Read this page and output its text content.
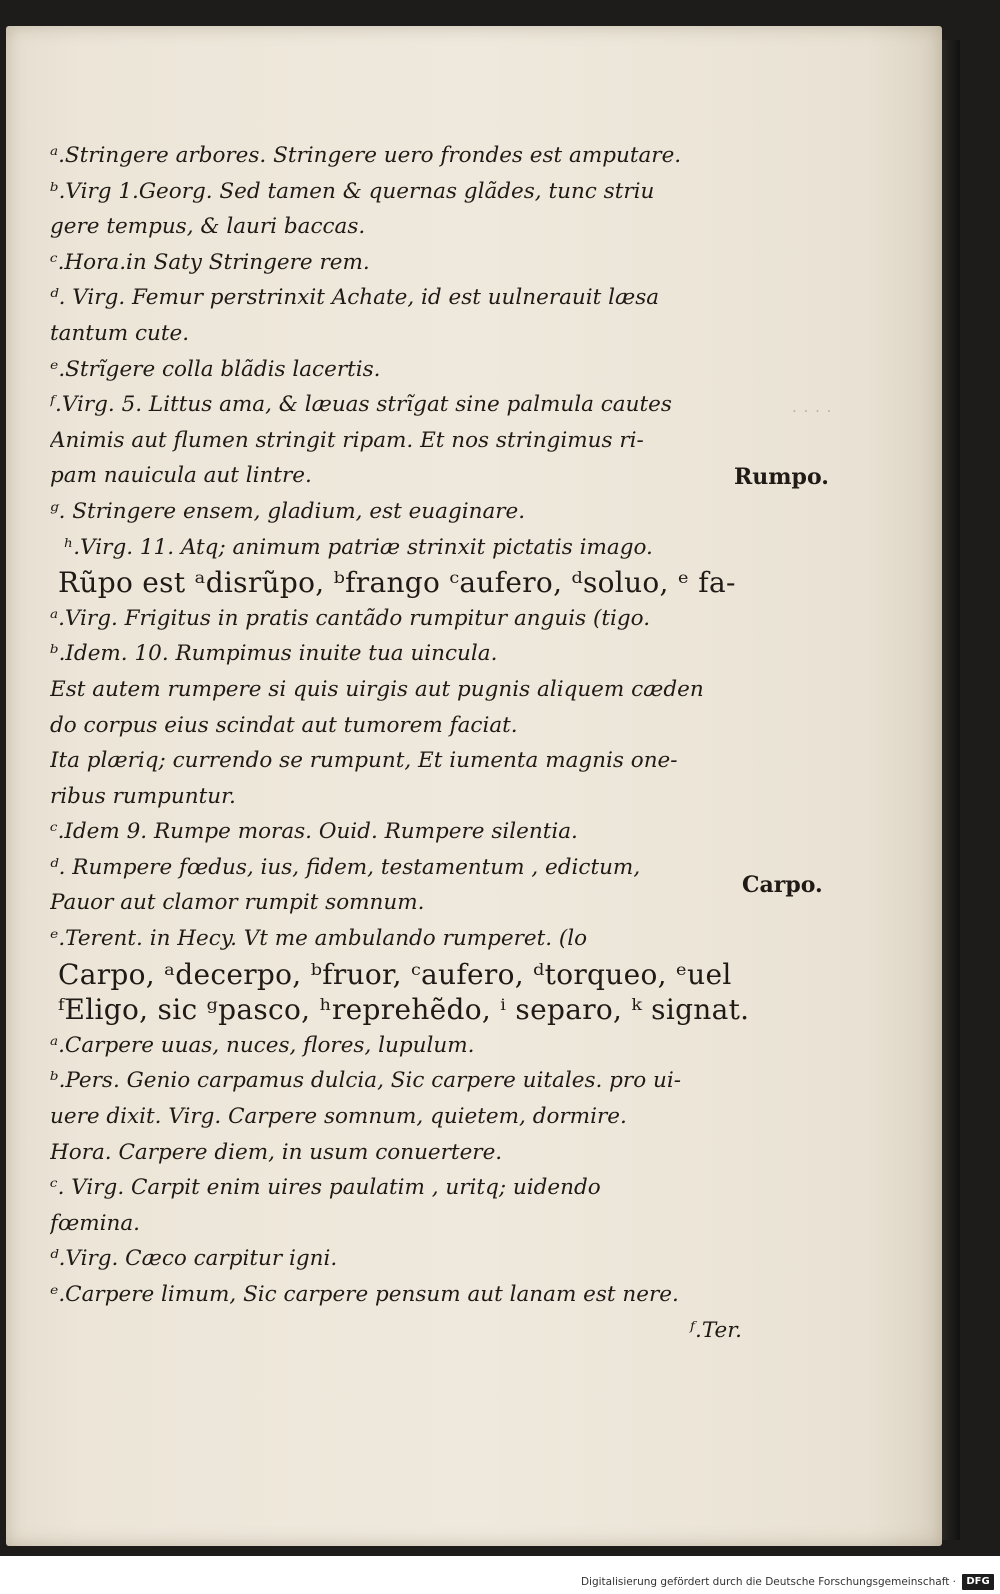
· · · ·
ᵃ.Stringere arbores. Stringere uero frondes est amputare.
ᵇ.Virg 1.Georg. Sed tamen & quernas glãdes, tunc striu
gere tempus, & lauri baccas.
ᶜ.Hora.in Saty Stringere rem.
ᵈ. Virg. Femur perstrinxit Achate, id est uulnerauit læsa
tantum cute.
ᵉ.Strĩgere colla blãdis lacertis.
ᶠ.Virg. 5. Littus ama, & læuas strĩgat sine palmula cautes
Animis aut flumen stringit ripam. Et nos stringimus ri-
pam nauicula aut lintre.
ᵍ. Stringere ensem, gladium, est euaginare.
ʰ.Virg. 11. Atq; animum patriæ strinxit pictatis imago.
Rũpo est ᵃdisrũpo, ᵇfrango ᶜaufero, ᵈsoluo, ᵉ fa-
ᵃ.Virg. Frigitus in pratis cantãdo rumpitur anguis (tigo.
ᵇ.Idem. 10. Rumpimus inuite tua uincula.
Est autem rumpere si quis uirgis aut pugnis aliquem cæden
do corpus eius scindat aut tumorem faciat.
Ita plæriq; currendo se rumpunt, Et iumenta magnis one-
ribus rumpuntur.
ᶜ.Idem 9. Rumpe moras. Ouid. Rumpere silentia.
ᵈ. Rumpere fœdus, ius, fidem, testamentum , edictum,
Pauor aut clamor rumpit somnum.
ᵉ.Terent. in Hecy. Vt me ambulando rumperet. (lo
Carpo, ᵃdecerpo, ᵇfruor, ᶜaufero, ᵈtorqueo, ᵉuel
ᶠEligo, sic ᵍpasco, ʰreprehẽdo, ⁱ separo, ᵏ signat.
ᵃ.Carpere uuas, nuces, flores, lupulum.
ᵇ.Pers. Genio carpamus dulcia, Sic carpere uitales. pro ui-
uere dixit. Virg. Carpere somnum, quietem, dormire.
Hora. Carpere diem, in usum conuertere.
ᶜ. Virg. Carpit enim uires paulatim , uritq; uidendo
fœmina.
ᵈ.Virg. Cæco carpitur igni.
ᵉ.Carpere limum, Sic carpere pensum aut lanam est nere.
ᶠ.Ter.
Rumpo.
Carpo.
Digitalisierung gefördert durch die Deutsche Forschungsgemeinschaft ·	DFG
